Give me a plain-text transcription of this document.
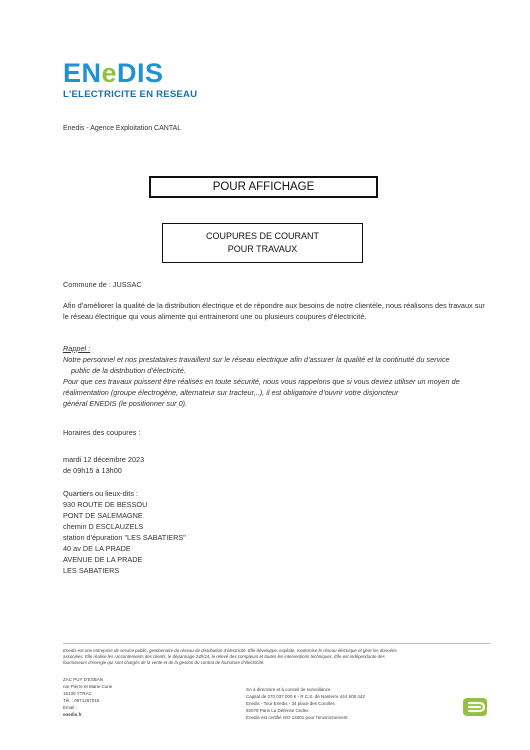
ENeDIS
L'ELECTRICITE EN RESEAU
Enedis - Agence Exploitation CANTAL
POUR AFFICHAGE
COUPURES DE COURANT
POUR TRAVAUX
Commune de : JUSSAC
Afin d’améliorer la qualité de la distribution électrique et de répondre aux besoins de notre clientèle, nous réalisons des travaux sur le réseau électrique qui vous alimente qui entraineront une ou plusieurs coupures d’électricité.
Rappel :
Notre personnel et nos prestataires travaillent sur le réseau electrique afin d’assurer la qualité et la continuité du service
public de la distribution d’électricité.
Pour que ces travaux puissent être réalisés en toute sécurité, nous vous rappelons que si vous deviez utiliser un moyen de
réalimentation (groupe électrogène, alternateur sur tracteur,..), il est obligatoire d’ouvrir votre disjoncteur
général ENEDIS (le positionner sur 0).
Horaires des coupures :
mardi 12 décembre 2023
de 09h15 à 13h00
Quartiers ou lieux-dits :
930 ROUTE DE BESSOU
PONT DE SALEMAGNE
chemin D ESCLAUZELS
station d'épuration "LES SABATIERS"
40 av DE LA PRADE
AVENUE DE LA PRADE
LES SABATIERS
Enedis est une entreprise de service public, gestionnaire du réseau de distribution d’électricité. Elle développe, exploite, modernise le réseau électrique et gère les données
associées. Elle réalise les raccordements des clients, le dépannage 24h/24, le relevé des compteurs et toutes les interventions techniques. Elle est indépendante des
fournisseurs d’énergie qui sont chargés de la vente et de la gestion du contrat de fourniture d’électricité.
ZAC PUY D'ESBAN
rue Pierre et Marie Curie
15130 YTRAC
Tél. : 0971267015
Email :
enedis.fr
SA à directoire et à conseil de surveillance
Capital de 270 037 000 € - R.C.S. de Nanterre 444 608 442
Enedis - Tour Enedis - 34 place des Corolles
92079 Paris La Défense Cedex
Enedis est certifié ISO 14001 pour l’environnement
